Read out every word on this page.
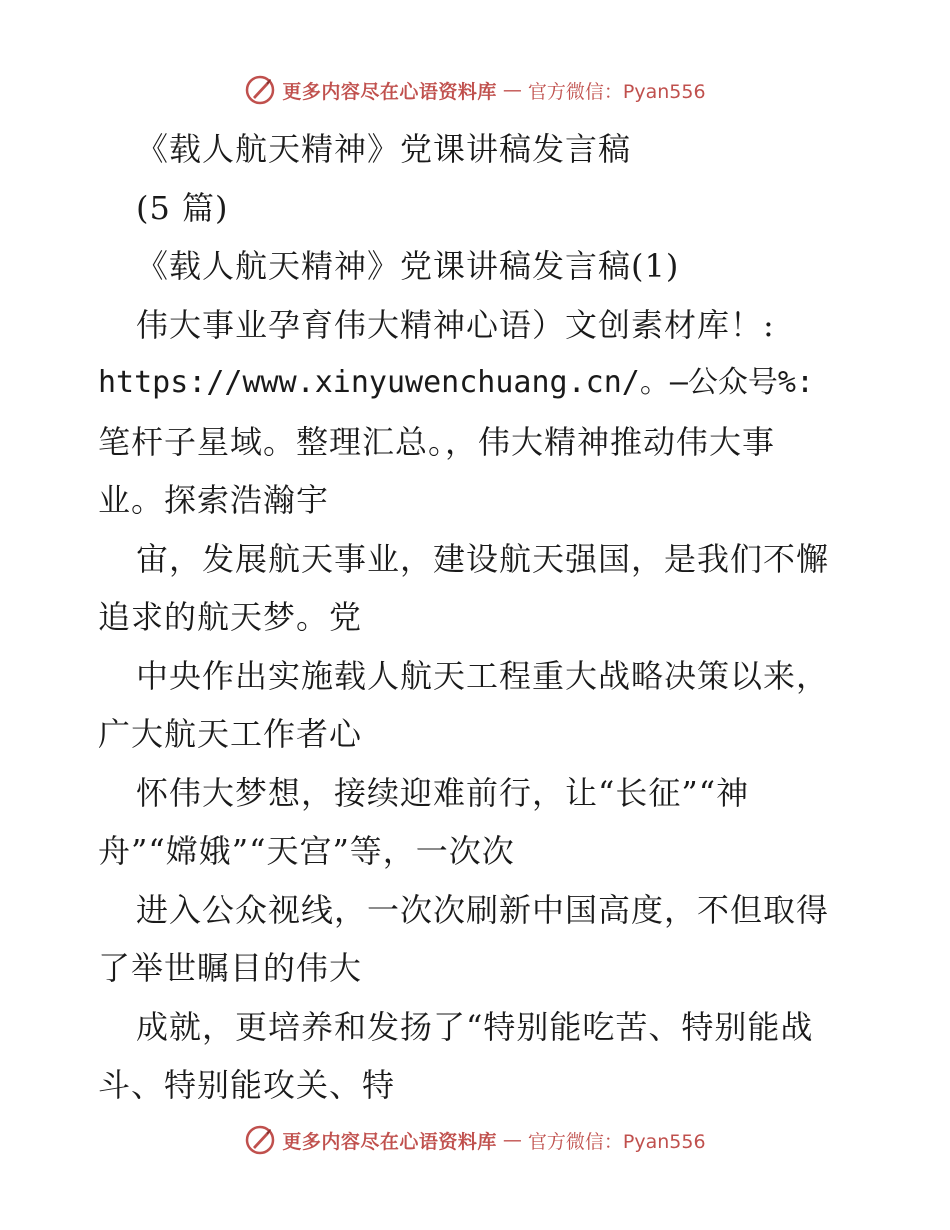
更多内容尽在心语资料库 — 官方微信：Pyan556
《载人航天精神》党课讲稿发言稿
(5 篇)
《载人航天精神》党课讲稿发言稿(1)
伟大事业孕育伟大精神心语）文创素材库！:
https://www.xinyuwenchuang.cn/。—公众号%:
笔杆子星域。整理汇总。，伟大精神推动伟大事
业。探索浩瀚宇
宙，发展航天事业，建设航天强国，是我们不懈
追求的航天梦。党
中央作出实施载人航天工程重大战略决策以来，
广大航天工作者心
怀伟大梦想，接续迎难前行，让“长征”“神
舟”“嫦娥”“天宫”等，一次次
进入公众视线，一次次刷新中国高度，不但取得
了举世瞩目的伟大
成就，更培养和发扬了“特别能吃苦、特别能战
斗、特别能攻关、特
更多内容尽在心语资料库 — 官方微信：Pyan556
